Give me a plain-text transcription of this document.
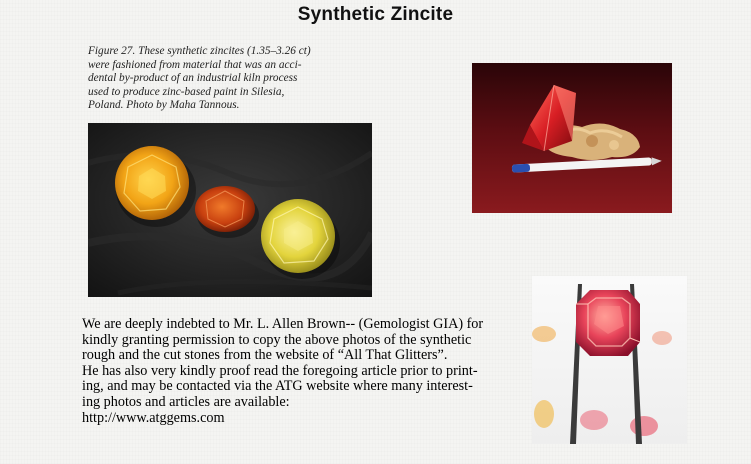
Synthetic Zincite
Figure 27. These synthetic zincites (1.35–3.26 ct)
were fashioned from material that was an acci-
dental by-product of an industrial kiln process
used to produce zinc-based paint in Silesia,
Poland. Photo by Maha Tannous.
We are deeply indebted to Mr. L. Allen Brown-- (Gemologist GIA) for
kindly granting permission to copy the above photos of the synthetic
rough and the cut stones from the website of “All That Glitters”.
He has also very kindly proof read the foregoing article prior to print-
ing, and may be contacted via the ATG website where many interest-
ing photos and articles are available:
http://www.atggems.com
